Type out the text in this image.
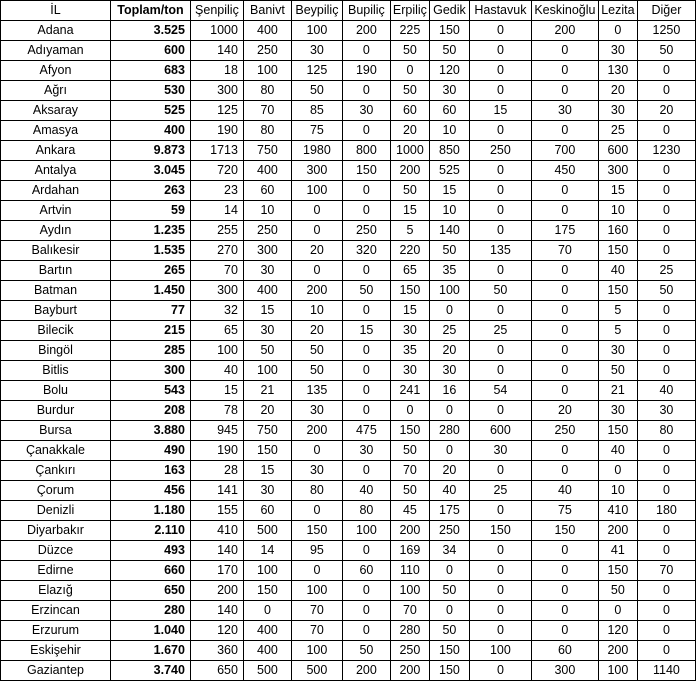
İL	Toplam/ton	Şenpiliç	Banivt	Beypiliç	Bupiliç	Erpiliç	Gedik	Hastavuk	Keskinoğlu	Lezita	Diğer
Adana	3.525	1000	400	100	200	225	150	0	200	0	1250
Adıyaman	600	140	250	30	0	50	50	0	0	30	50
Afyon	683	18	100	125	190	0	120	0	0	130	0
Ağrı	530	300	80	50	0	50	30	0	0	20	0
Aksaray	525	125	70	85	30	60	60	15	30	30	20
Amasya	400	190	80	75	0	20	10	0	0	25	0
Ankara	9.873	1713	750	1980	800	1000	850	250	700	600	1230
Antalya	3.045	720	400	300	150	200	525	0	450	300	0
Ardahan	263	23	60	100	0	50	15	0	0	15	0
Artvin	59	14	10	0	0	15	10	0	0	10	0
Aydın	1.235	255	250	0	250	5	140	0	175	160	0
Balıkesir	1.535	270	300	20	320	220	50	135	70	150	0
Bartın	265	70	30	0	0	65	35	0	0	40	25
Batman	1.450	300	400	200	50	150	100	50	0	150	50
Bayburt	77	32	15	10	0	15	0	0	0	5	0
Bilecik	215	65	30	20	15	30	25	25	0	5	0
Bingöl	285	100	50	50	0	35	20	0	0	30	0
Bitlis	300	40	100	50	0	30	30	0	0	50	0
Bolu	543	15	21	135	0	241	16	54	0	21	40
Burdur	208	78	20	30	0	0	0	0	20	30	30
Bursa	3.880	945	750	200	475	150	280	600	250	150	80
Çanakkale	490	190	150	0	30	50	0	30	0	40	0
Çankırı	163	28	15	30	0	70	20	0	0	0	0
Çorum	456	141	30	80	40	50	40	25	40	10	0
Denizli	1.180	155	60	0	80	45	175	0	75	410	180
Diyarbakır	2.110	410	500	150	100	200	250	150	150	200	0
Düzce	493	140	14	95	0	169	34	0	0	41	0
Edirne	660	170	100	0	60	110	0	0	0	150	70
Elazığ	650	200	150	100	0	100	50	0	0	50	0
Erzincan	280	140	0	70	0	70	0	0	0	0	0
Erzurum	1.040	120	400	70	0	280	50	0	0	120	0
Eskişehir	1.670	360	400	100	50	250	150	100	60	200	0
Gaziantep	3.740	650	500	500	200	200	150	0	300	100	1140
